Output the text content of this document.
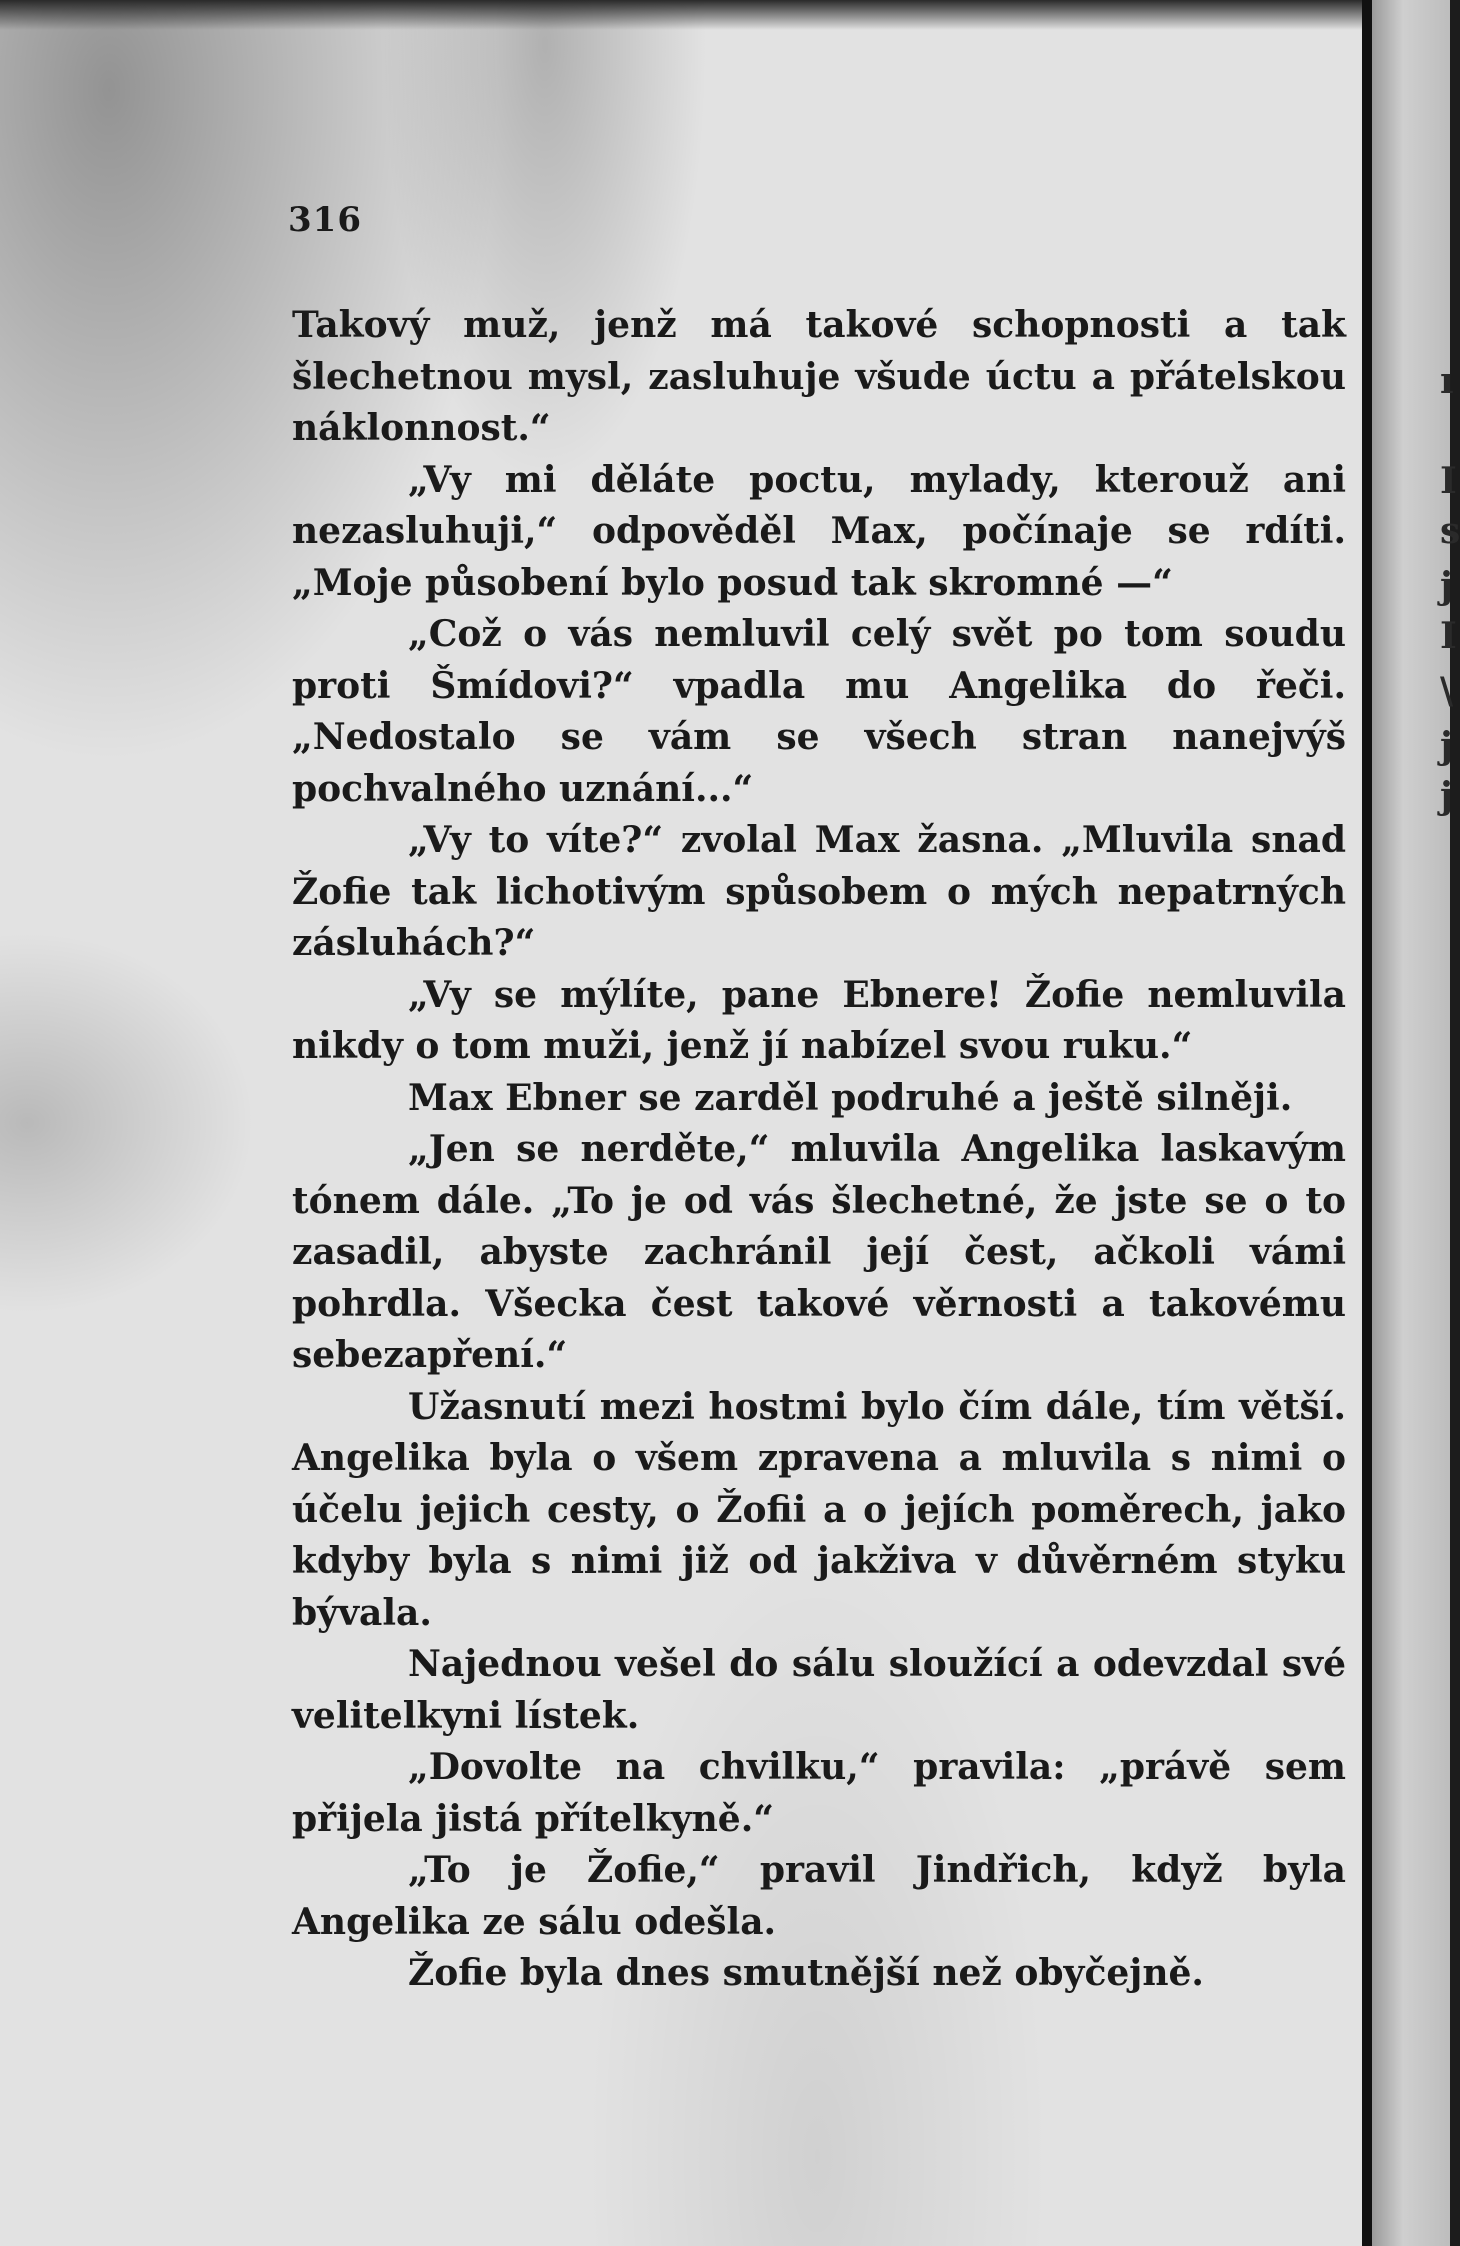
316

Takový muž, jenž má takové schopnosti a tak šlechetnou mysl, zasluhuje všude úctu a přátelskou náklonnost.“

„Vy mi děláte poctu, mylady, kterouž ani nezasluhuji,“ odpověděl Max, počínaje se rdíti. „Moje působení bylo posud tak skromné —“

„Což o vás nemluvil celý svět po tom soudu proti Šmídovi?“ vpadla mu Angelika do řeči. „Nedostalo se vám se všech stran nanejvýš pochvalného uznání...“

„Vy to víte?“ zvolal Max žasna. „Mluvila snad Žofie tak lichotivým spůsobem o mých nepatrných zásluhách?“

„Vy se mýlíte, pane Ebnere! Žofie nemluvila nikdy o tom muži, jenž jí nabízel svou ruku.“

Max Ebner se zarděl podruhé a ještě silněji.

„Jen se nerděte,“ mluvila Angelika laskavým tónem dále. „To je od vás šlechetné, že jste se o to zasadil, abyste zachránil její čest, ačkoli vámi pohrdla. Všecka čest takové věrnosti a takovému sebezapření.“

Užasnutí mezi hostmi bylo čím dále, tím větší. Angelika byla o všem zpravena a mluvila s nimi o účelu jejich cesty, o Žofii a o jejích poměrech, jako kdyby byla s nimi již od jakživa v důvěrném styku bývala.

Najednou vešel do sálu sloužící a odevzdal své velitelkyni lístek.

„Dovolte na chvilku,“ pravila: „právě sem přijela jistá přítelkyně.“

„To je Žofie,“ pravil Jindřich, když byla Angelika ze sálu odešla.

Žofie byla dnes smutnější než obyčejně.

ı
I
s
j
I
\
j
j
